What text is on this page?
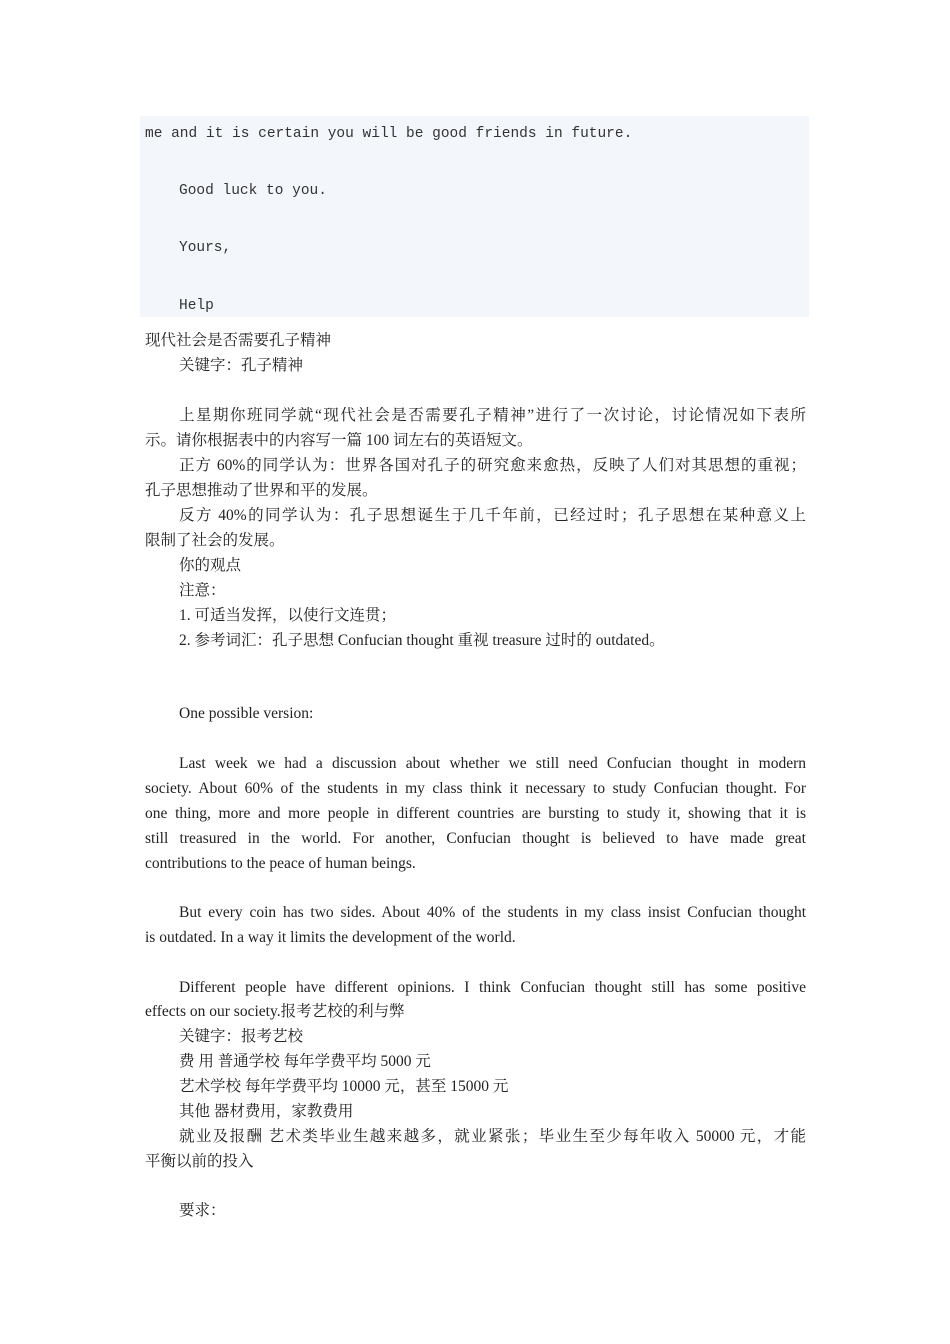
me and it is certain you will be good friends in future.
Good luck to you.
Yours,
Help
现代社会是否需要孔子精神
关键字：孔子精神
上星期你班同学就“现代社会是否需要孔子精神”进行了一次讨论，讨论情况如下表所
示。请你根据表中的内容写一篇 100 词左右的英语短文。
正方 60%的同学认为：世界各国对孔子的研究愈来愈热，反映了人们对其思想的重视；
孔子思想推动了世界和平的发展。
反方 40%的同学认为：孔子思想诞生于几千年前，已经过时；孔子思想在某种意义上
限制了社会的发展。
你的观点
注意：
1. 可适当发挥，以使行文连贯；
2. 参考词汇：孔子思想 Confucian thought 重视 treasure 过时的 outdated。
One possible version:
Last week we had a discussion about whether we still need Confucian thought in modern
society. About 60% of the students in my class think it necessary to study Confucian thought. For
one thing, more and more people in different countries are bursting to study it, showing that it is
still treasured in the world. For another, Confucian thought is believed to have made great
contributions to the peace of human beings.
But every coin has two sides. About 40% of the students in my class insist Confucian thought
is outdated. In a way it limits the development of the world.
Different people have different opinions. I think Confucian thought still has some positive
effects on our society.报考艺校的利与弊
关键字：报考艺校
费 用 普通学校 每年学费平均 5000 元
艺术学校 每年学费平均 10000 元，甚至 15000 元
其他 器材费用，家教费用
就业及报酬 艺术类毕业生越来越多，就业紧张；毕业生至少每年收入 50000 元，才能
平衡以前的投入
要求：
